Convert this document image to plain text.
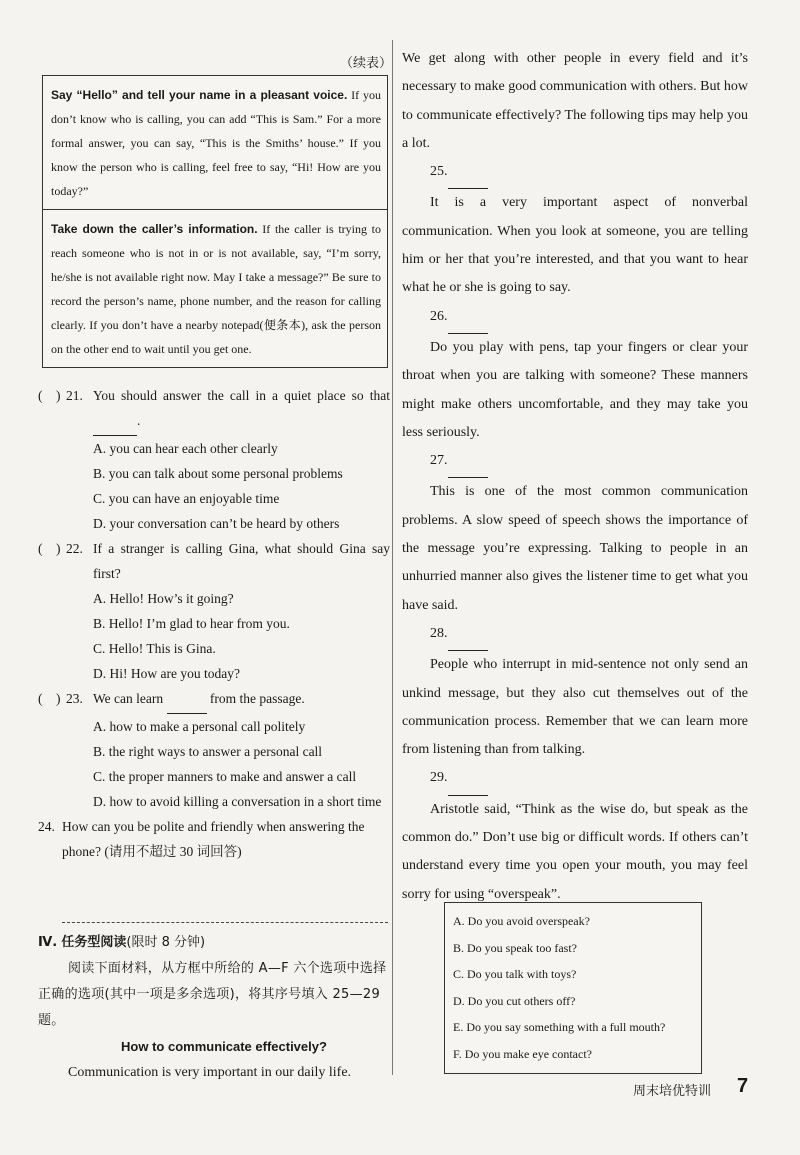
（续表）
Say “Hello” and tell your name in a pleasant voice. If you don’t know who is calling, you can add “This is Sam.” For a more formal answer, you can say, “This is the Smiths’ house.” If you know the person who is calling, feel free to say, “Hi! How are you today?”
Take down the caller’s information. If the caller is trying to reach someone who is not in or is not available, say, “I’m sorry, he/she is not available right now. May I take a message?” Be sure to record the person’s name, phone number, and the reason for calling clearly. If you don’t have a nearby notepad(便条本), ask the person on the other end to wait until you get one.
(　) 21. You should answer the call in a quiet place so that  .
A. you can hear each other clearly
B. you can talk about some personal problems
C. you can have an enjoyable time
D. your conversation can’t be heard by others
(　) 22. If a stranger is calling Gina, what should Gina say first?
A. Hello! How’s it going?
B. Hello! I’m glad to hear from you.
C. Hello! This is Gina.
D. Hi! How are you today?
(　) 23. We can learn	from the passage.
A. how to make a personal call politely
B. the right ways to answer a personal call
C. the proper manners to make and answer a call
D. how to avoid killing a conversation in a short time
24. How can you be polite and friendly when answering the phone? (请用不超过 30 词回答)
Ⅳ. 任务型阅读(限时 8 分钟)
阅读下面材料，从方框中所给的 A—F 六个选项中选择正确的选项(其中一项是多余选项)，将其序号填入 25—29 题。
How to communicate effectively?
Communication is very important in our daily life.

We get along with other people in every field and it’s necessary to make good communication with others. But how to communicate effectively? The following tips may help you a lot.

25.

It is a very important aspect of nonverbal communication. When you look at someone, you are telling him or her that you’re interested, and that you want to hear what he or she is going to say.

26.

Do you play with pens, tap your fingers or clear your throat when you are talking with someone? These manners might make others uncomfortable, and they may take you less seriously.

27.

This is one of the most common communication problems. A slow speed of speech shows the importance of the message you’re expressing. Talking to people in an unhurried manner also gives the listener time to get what you have said.

28.

People who interrupt in mid-sentence not only send an unkind message, but they also cut themselves out of the communication process. Remember that we can learn more from listening than from talking.

29.

Aristotle said, “Think as the wise do, but speak as the common do.” Don’t use big or difficult words. If others can’t understand every time you open your mouth, you may feel sorry for using “overspeak”.

A. Do you avoid overspeak?
B. Do you speak too fast?
C. Do you talk with toys?
D. Do you cut others off?
E. Do you say something with a full mouth?
F. Do you make eye contact?
周末培优特训 7
